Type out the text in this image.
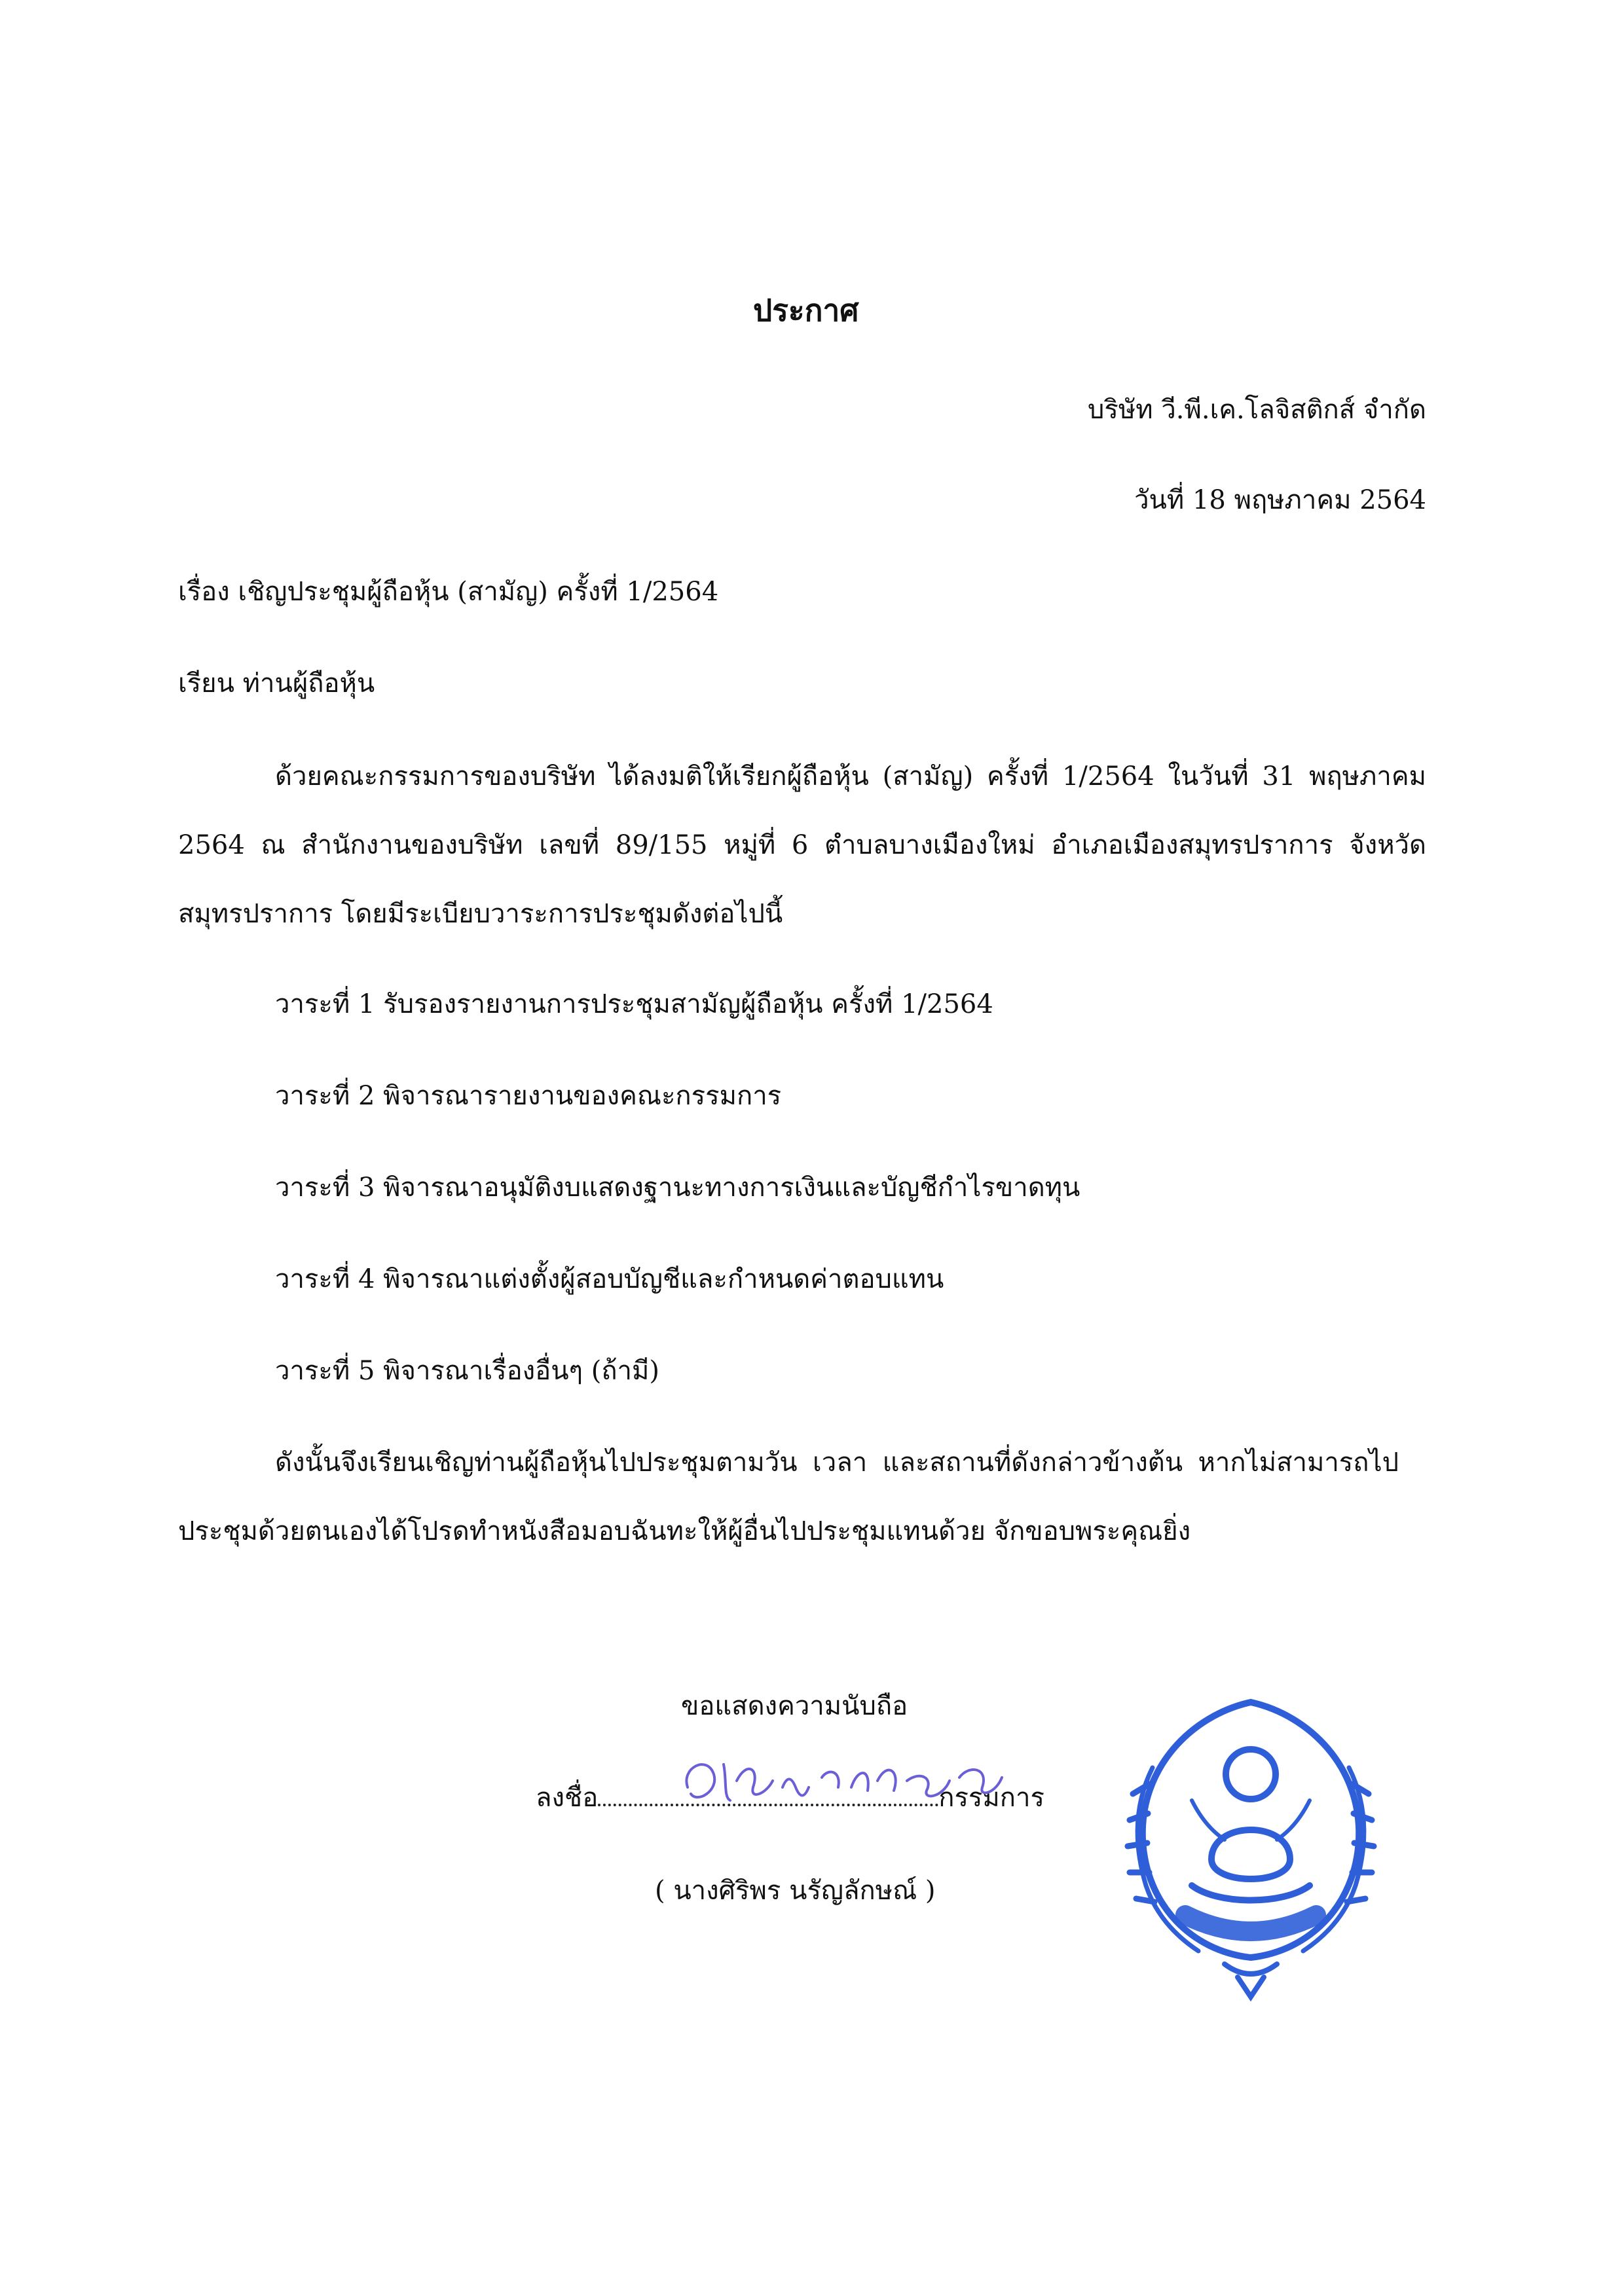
ประกาศ
บริษัท วี.พี.เค.โลจิสติกส์ จำกัด
วันที่ 18 พฤษภาคม 2564
เรื่อง เชิญประชุมผู้ถือหุ้น (สามัญ) ครั้งที่ 1/2564
เรียน ท่านผู้ถือหุ้น
ด้วยคณะกรรมการของบริษัท ได้ลงมติให้เรียกผู้ถือหุ้น (สามัญ) ครั้งที่ 1/2564 ในวันที่ 31 พฤษภาคม
2564 ณ สำนักงานของบริษัท เลขที่ 89/155 หมู่ที่ 6 ตำบลบางเมืองใหม่ อำเภอเมืองสมุทรปราการ จังหวัด
สมุทรปราการ โดยมีระเบียบวาระการประชุมดังต่อไปนี้
วาระที่ 1 รับรองรายงานการประชุมสามัญผู้ถือหุ้น ครั้งที่ 1/2564
วาระที่ 2 พิจารณารายงานของคณะกรรมการ
วาระที่ 3 พิจารณาอนุมัติงบแสดงฐานะทางการเงินและบัญชีกำไรขาดทุน
วาระที่ 4 พิจารณาแต่งตั้งผู้สอบบัญชีและกำหนดค่าตอบแทน
วาระที่ 5 พิจารณาเรื่องอื่นๆ (ถ้ามี)
ดังนั้นจึงเรียนเชิญท่านผู้ถือหุ้นไปประชุมตามวัน เวลา และสถานที่ดังกล่าวข้างต้น หากไม่สามารถไป
ประชุมด้วยตนเองได้โปรดทำหนังสือมอบฉันทะให้ผู้อื่นไปประชุมแทนด้วย จักขอบพระคุณยิ่ง
ขอแสดงความนับถือ
ลงชื่อ	กรรมการ
( นางศิริพร นรัญลักษณ์ )
